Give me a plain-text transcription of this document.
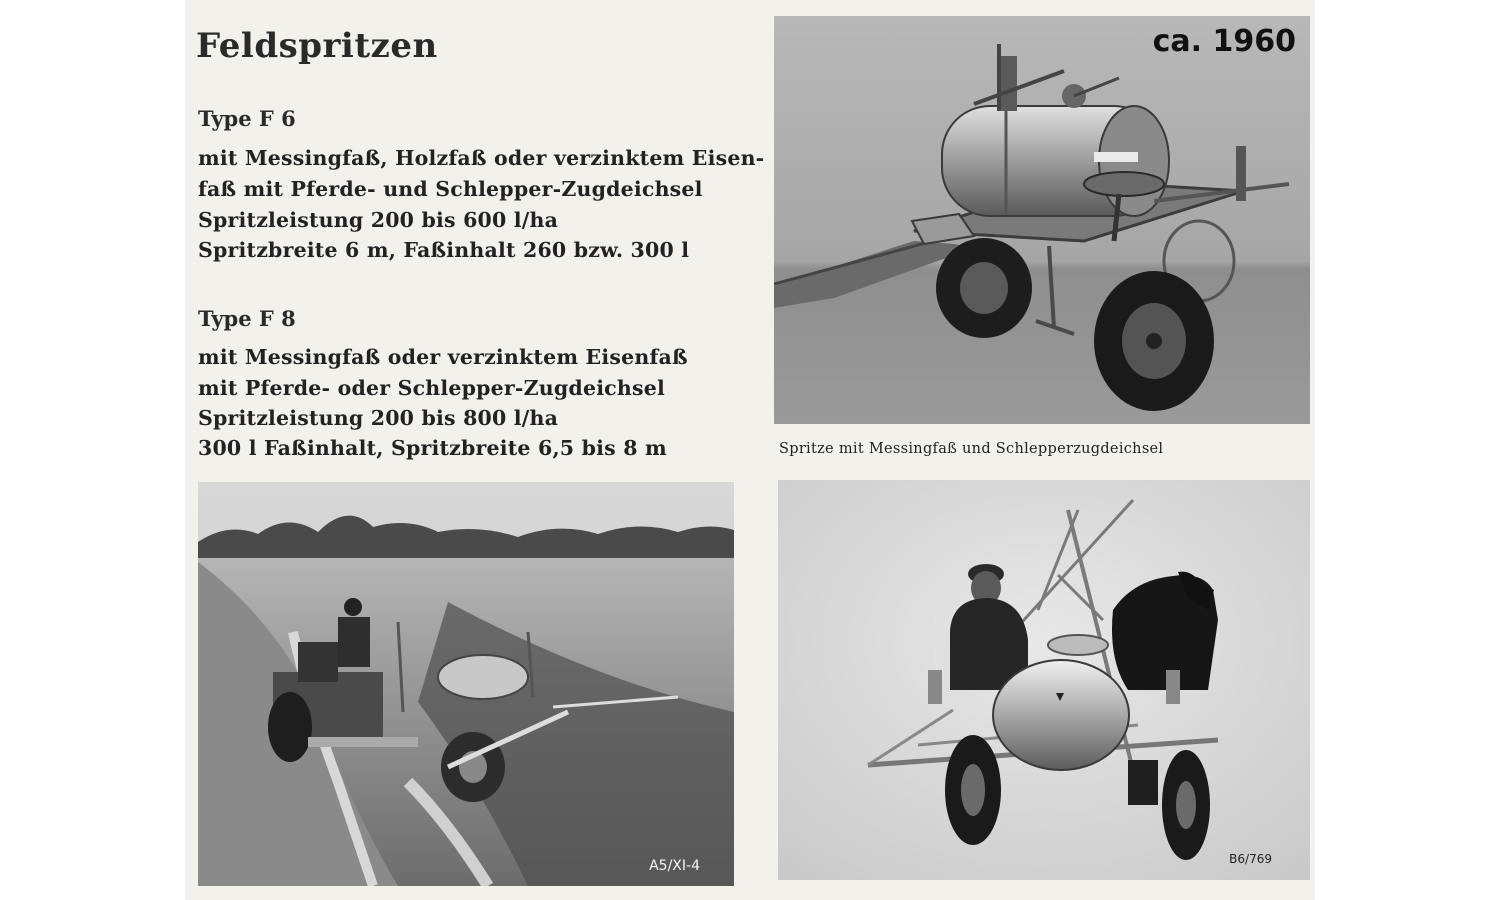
Feldspritzen
Type F 6
mit Messingfaß, Holzfaß oder verzinktem Eisen-
faß mit Pferde- und Schlepper-Zugdeichsel
Spritzleistung 200 bis 600 l/ha
Spritzbreite 6 m, Faßinhalt 260 bzw. 300 l
Type F 8
mit Messingfaß oder verzinktem Eisenfaß
mit Pferde- oder Schlepper-Zugdeichsel
Spritzleistung 200 bis 800 l/ha
300 l Faßinhalt, Spritzbreite 6,5 bis 8 m
ca. 1960
Spritze mit Messingfaß und Schlepperzugdeichsel
A5/XI-4	B6/769
